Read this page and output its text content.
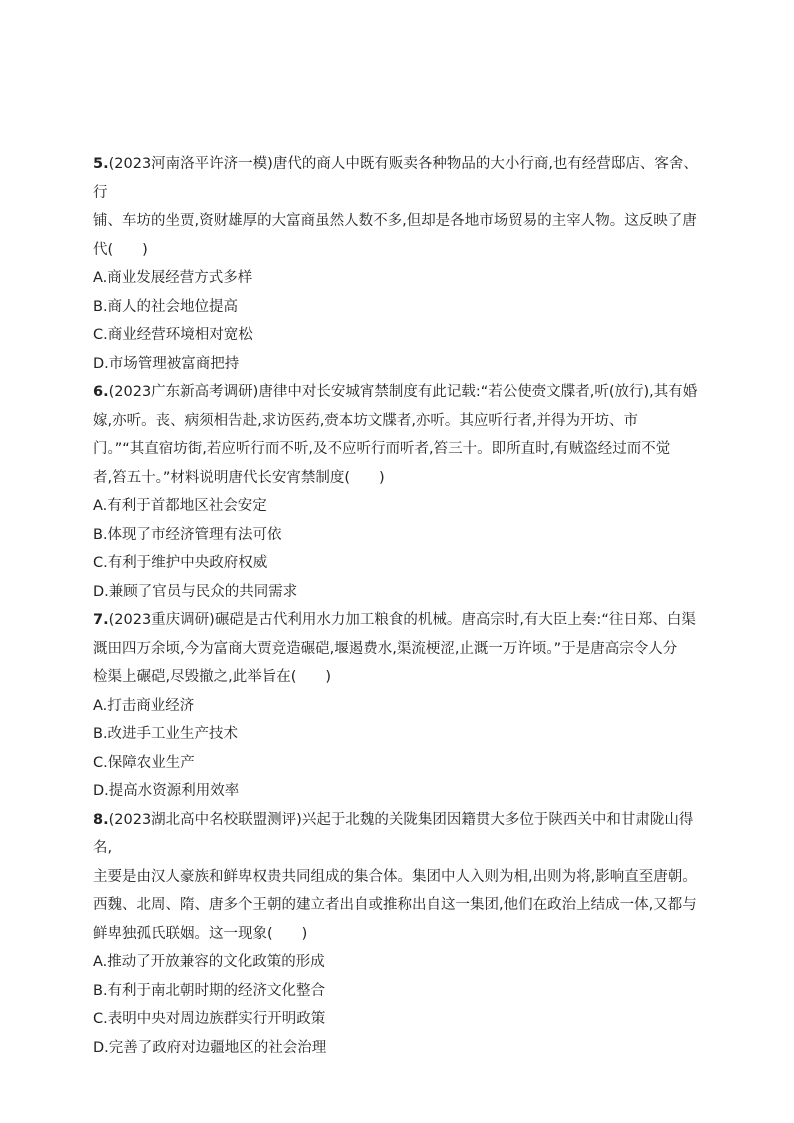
5.(2023河南洛平许济一模)唐代的商人中既有贩卖各种物品的大小行商,也有经营邸店、客舍、行

铺、车坊的坐贾,资财雄厚的大富商虽然人数不多,但却是各地市场贸易的主宰人物。这反映了唐

代(　　)

A.商业发展经营方式多样

B.商人的社会地位提高

C.商业经营环境相对宽松

D.市场管理被富商把持

6.(2023广东新高考调研)唐律中对长安城宵禁制度有此记载:“若公使赍文牒者,听(放行),其有婚

嫁,亦听。丧、病须相告赴,求访医药,赍本坊文牒者,亦听。其应听行者,并得为开坊、市

门。”“其直宿坊街,若应听行而不听,及不应听行而听者,笞三十。即所直时,有贼盗经过而不觉

者,笞五十。”材料说明唐代长安宵禁制度(　　)

A.有利于首都地区社会安定

B.体现了市经济管理有法可依

C.有利于维护中央政府权威

D.兼顾了官员与民众的共同需求

7.(2023重庆调研)碾硙是古代利用水力加工粮食的机械。唐高宗时,有大臣上奏:“往日郑、白渠

溉田四万余顷,今为富商大贾竞造碾硙,堰遏费水,渠流梗涩,止溉一万许顷。”于是唐高宗令人分

检渠上碾硙,尽毁撤之,此举旨在(　　)

A.打击商业经济

B.改进手工业生产技术

C.保障农业生产

D.提高水资源利用效率

8.(2023湖北高中名校联盟测评)兴起于北魏的关陇集团因籍贯大多位于陕西关中和甘肃陇山得名,

主要是由汉人豪族和鲜卑权贵共同组成的集合体。集团中人入则为相,出则为将,影响直至唐朝。

西魏、北周、隋、唐多个王朝的建立者出自或推称出自这一集团,他们在政治上结成一体,又都与

鲜卑独孤氏联姻。这一现象(　　)

A.推动了开放兼容的文化政策的形成

B.有利于南北朝时期的经济文化整合

C.表明中央对周边族群实行开明政策

D.完善了政府对边疆地区的社会治理
